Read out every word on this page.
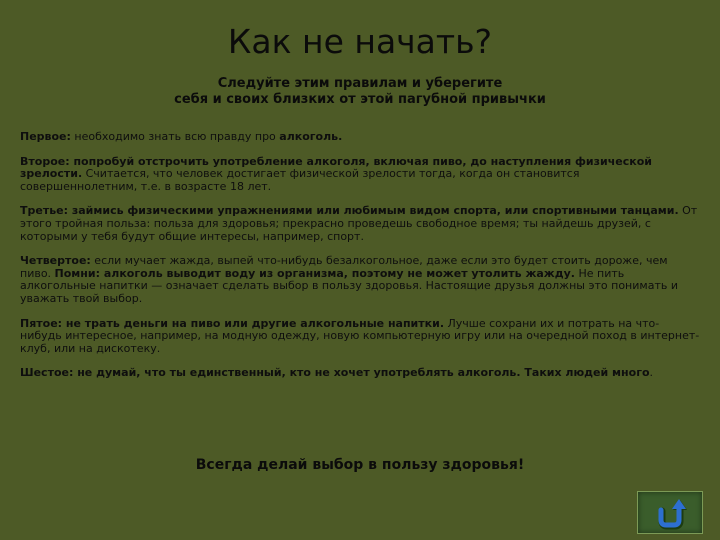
Как не начать?
Следуйте этим правилам и уберегите
себя и своих близких от этой пагубной привычки

Первое: необходимо знать всю правду про алкоголь.

Второе: попробуй отстрочить употребление алкоголя, включая пиво, до наступления физической зрелости. Считается, что человек достигает физической зрелости тогда, когда он становится совершеннолетним, т.е. в возрасте 18 лет.

Третье: займись физическими упражнениями или любимым видом спорта, или спортивными танцами. От этого тройная польза: польза для здоровья; прекрасно проведешь свободное время; ты найдешь друзей, с которыми у тебя будут общие интересы, например, спорт.

Четвертое: если мучает жажда, выпей что-нибудь безалкогольное, даже если это будет стоить дороже, чем пиво. Помни: алкоголь выводит воду из организма, поэтому не может утолить жажду. Не пить алкогольные напитки — означает сделать выбор в пользу здоровья. Настоящие друзья должны это понимать и уважать твой выбор.

Пятое: не трать деньги на пиво или другие алкогольные напитки. Лучше сохрани их и потрать на что-нибудь интересное, например, на модную одежду, новую компьютерную игру или на очередной поход в интернет-клуб, или на дискотеку.

Шестое: не думай, что ты единственный, кто не хочет употреблять алкоголь. Таких людей много.

Всегда делай выбор в пользу здоровья!
